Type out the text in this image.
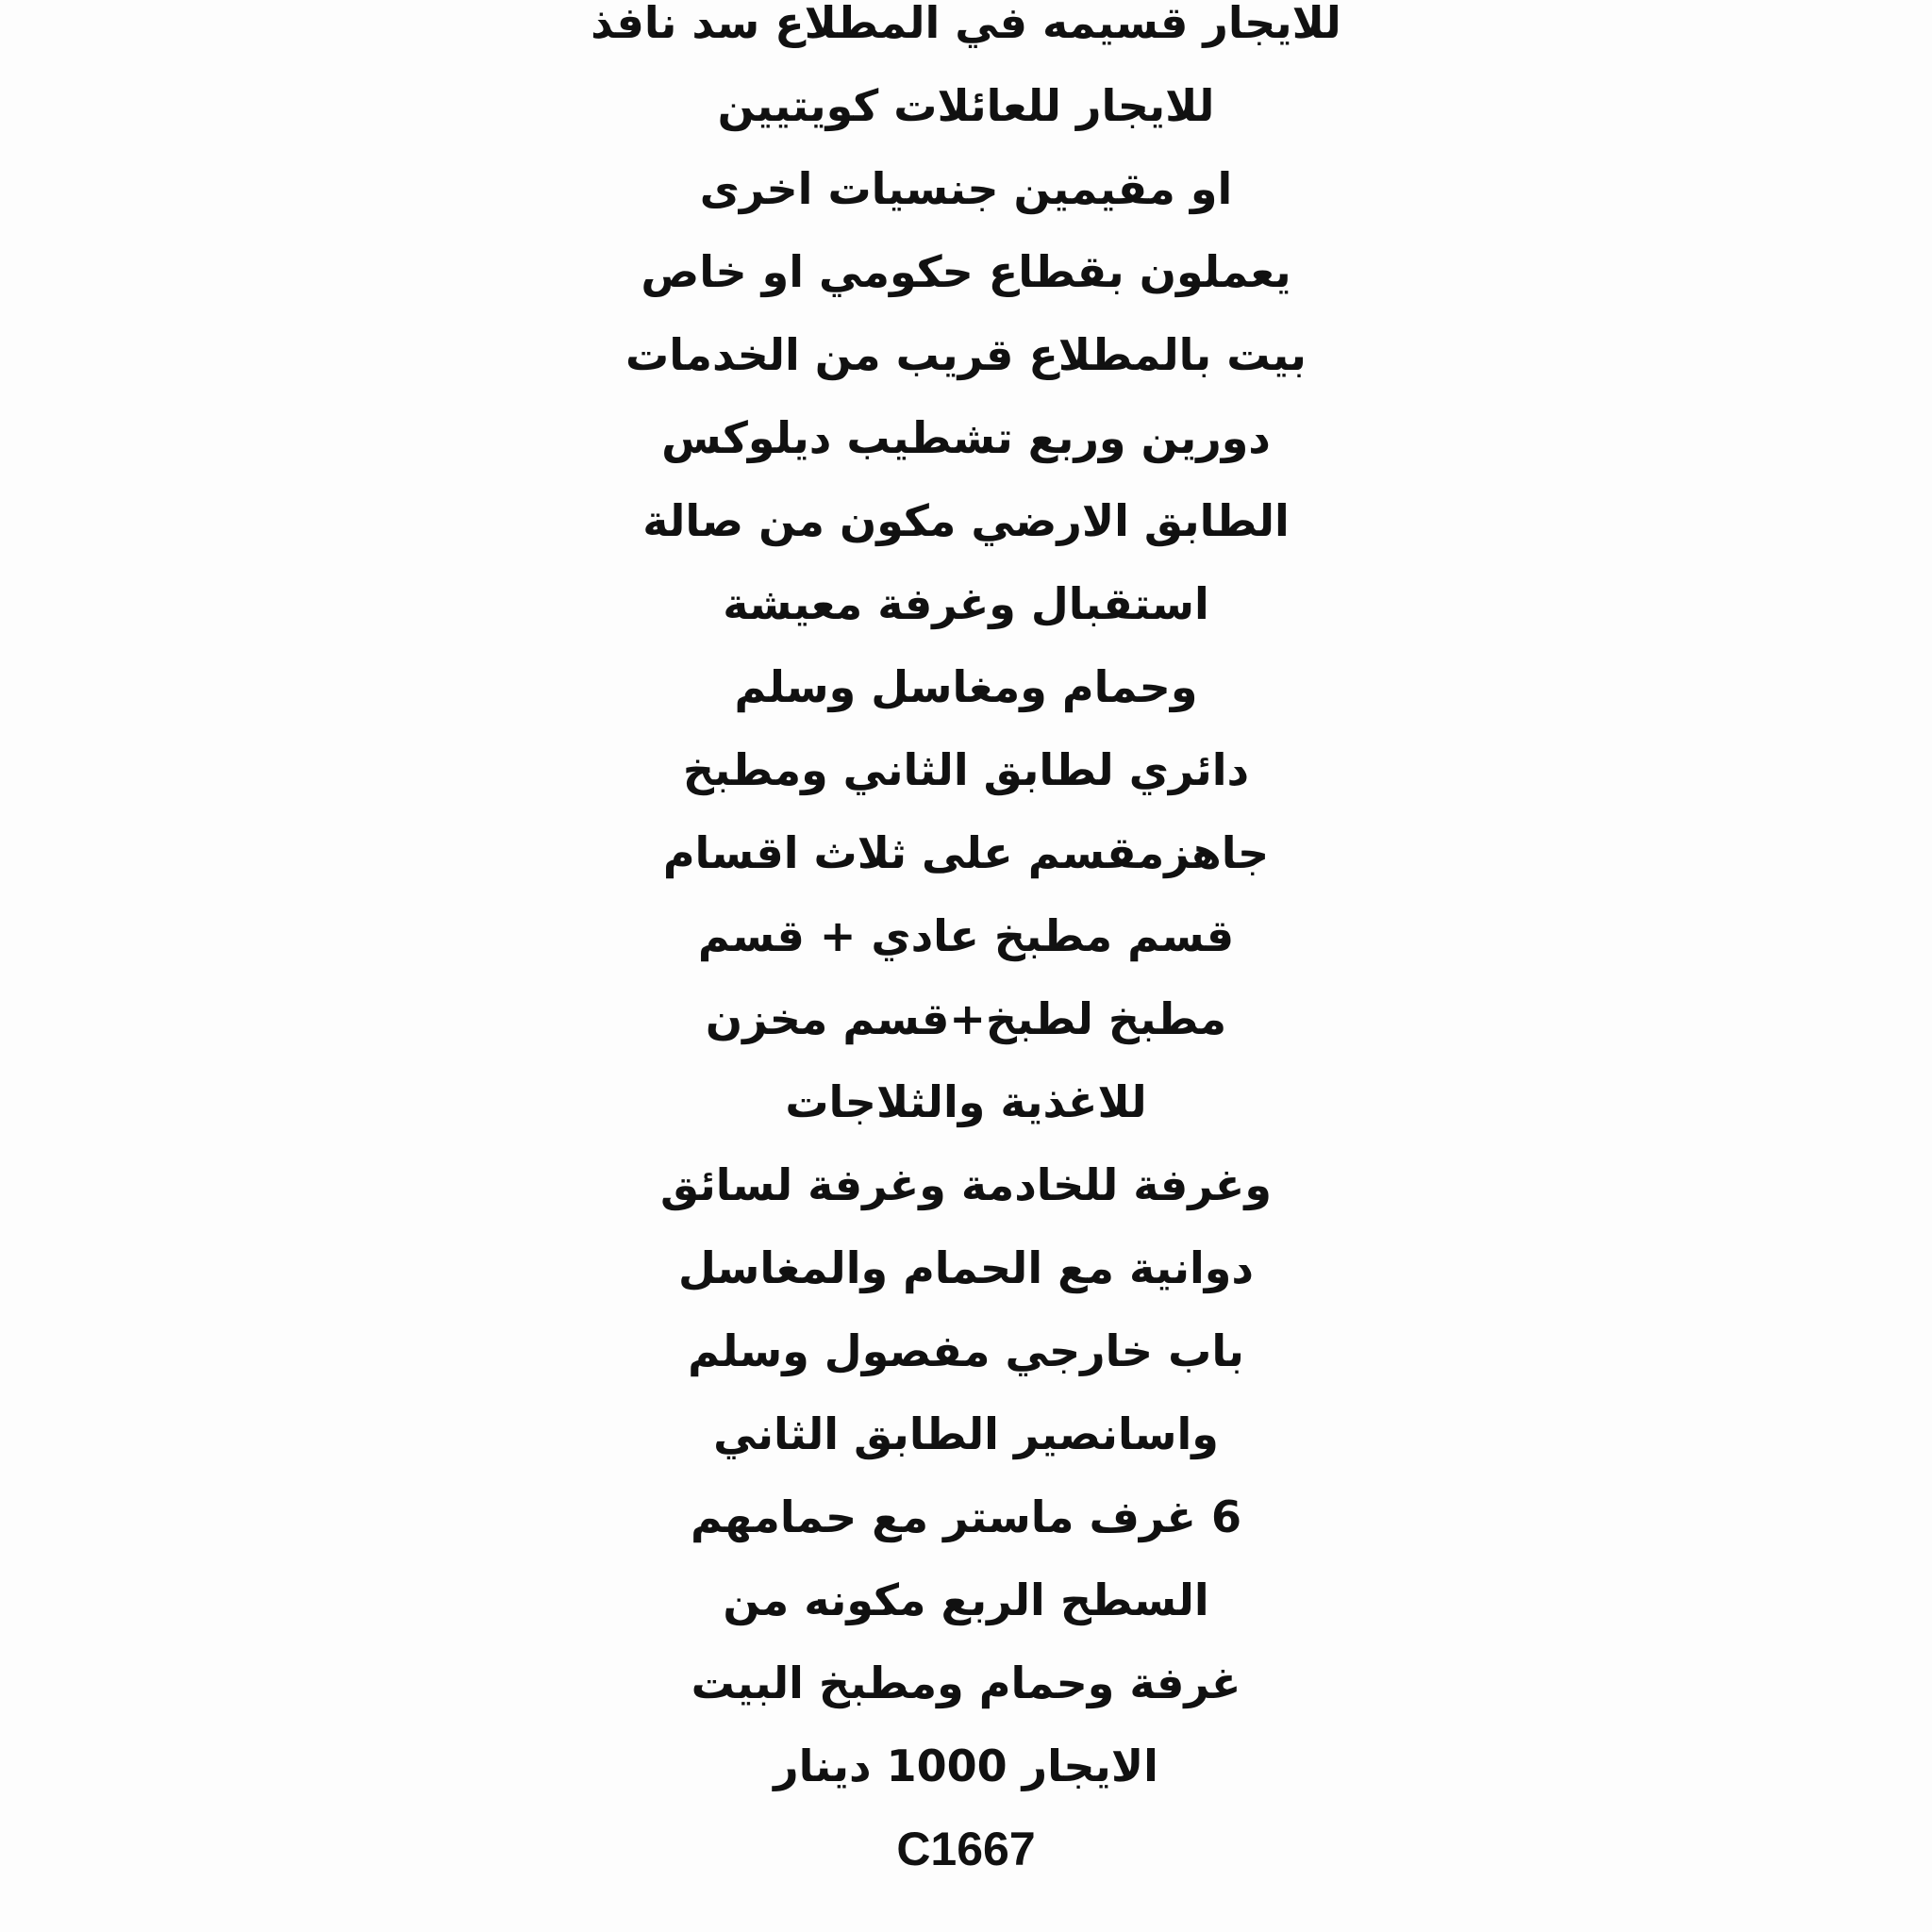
للايجار قسيمه في المطلاع سد نافذ
للايجار للعائلات كويتيين
او مقيمين جنسيات اخرى
يعملون بقطاع حكومي او خاص
بيت بالمطلاع قريب من الخدمات
دورين وربع تشطيب ديلوكس
الطابق الارضي مكون من صالة
استقبال وغرفة معيشة
وحمام ومغاسل وسلم
دائري لطابق الثاني ومطبخ
جاهزمقسم على ثلاث اقسام
قسم مطبخ عادي + قسم
مطبخ لطبخ+قسم مخزن
للاغذية والثلاجات
وغرفة للخادمة وغرفة لسائق
دوانية مع الحمام والمغاسل
باب خارجي مفصول وسلم
واسانصير الطابق الثاني
6 غرف ماستر مع حمامهم
السطح الربع مكونه من
غرفة وحمام ومطبخ البيت
الايجار 1000 دينار
C1667
